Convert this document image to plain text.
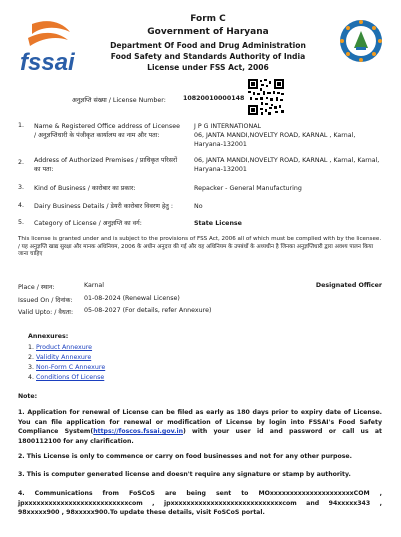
fssai
Form C
Government of Haryana
Department Of Food and Drug Administration
Food Safety and Standards Authority of India
License under FSS Act, 2006
अनुज्ञप्ति संख्या / License Number:	10820010000148
1.	Name & Registered Office address of Licensee / अनुज्ञप्तिधारी के पंजीकृत कार्यालय का नाम और पता:
J P G INTERNATIONAL
06, JANTA MANDI,NOVELTY ROAD, KARNAL , Karnal, Haryana-132001
2.	Address of Authorized Premises / प्राधिकृत परिसरों का पता:
06, JANTA MANDI,NOVELTY ROAD, KARNAL , Karnal, Karnal, Haryana-132001
3.	Kind of Business / कारोबार का प्रकार:	Repacker - General Manufacturing
4.	Dairy Business Details / डेयरी कारोबार विवरण हेतु :	No
5.	Category of License / अनुज्ञप्ति का वर्ग:	State License
This license is granted under and is subject to the provisions of FSS Act, 2006 all of which must be complied with by the licensee. / यह अनुज्ञप्ति खाद्य सुरक्षा और मानक अधिनियम, 2006 के अधीन अनुदत्त की गई और वह अधिनियम के उपबंधों के अध्यधीन है जिनका अनुज्ञप्तिधारी द्वारा अवश्य पालन किया जाना चाहिए
Place / स्थान:	Karnal	Designated Officer
Issued On / दिनांक: 01-08-2024 (Renewal License)
Valid Upto: / वैधता: 05-08-2027 (For details, refer Annexure)
Annexures:
1. Product Annexure
2. Validity Annexure
3. Non-Form C Annexure
4. Conditions Of License
Note:
1. Application for renewal of License can be filed as early as 180 days prior to expiry date of License. You can file application for renewal or modification of License by login into FSSAI's Food Safety Compliance System(https://foscos.fssai.gov.in) with your user id and password or call us at 1800112100 for any clarification.
2. This License is only to commence or carry on food businesses and not for any other purpose.
3. This is computer generated license and doesn't require any signature or stamp by authority.
4. Communications from FoSCoS are being sent to MOxxxxxxxxxxxxxxxxxxxxxCOM , jpxxxxxxxxxxxxxxxxxxxxxxxxxxcom , jpxxxxxxxxxxxxxxxxxxxxxxxxxxxxcom and 94xxxxx343 , 98xxxxx900 , 98xxxxx900.To update these details, visit FoSCoS portal.
